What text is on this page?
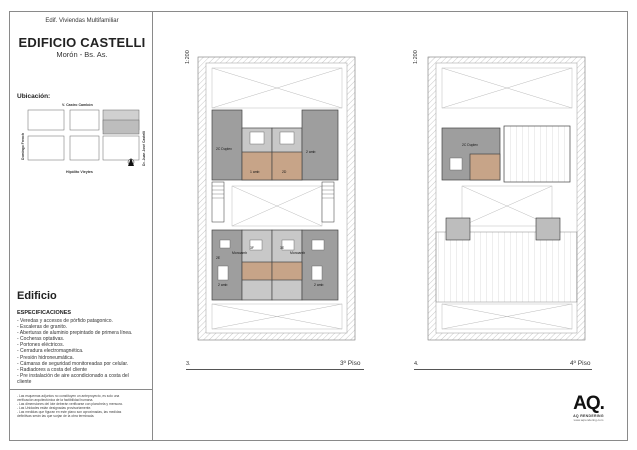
Edif. Viviendas Multifamiliar
EDIFICIO CASTELLI
Morón - Bs. As.
Ubicación:
V. Castro Cambón
Hipólito Vieytes
Domingo French	Dr. Juan José Castelli
Edificio
ESPECIFICACIONES
- Veredas y accesos de pórfido patagonico.
- Escaleras de granito.
- Aberturas de aluminio prepintado de primera línea.
- Cocheras optativas.
- Portones eléctricos.
- Cerradura electromagnética.
- Presión hidroneumática.
- Cámaras de seguridad monitoreadas por celular.
- Radiadores a costa del cliente
- Pre instalación de aire acondicionado a costa del
cliente
- Las esquemas adjuntos no constituyen un anteproyecto, es solo una
verificación arquitectónica de la factibilidad humana.
- Las dimensiones del lote deberán verificarse con planchela y mensura.
- Las Unidades están designadas provisoriamente.
- Las medidas que figuran en este plano son aproximadas, las medidas
definitivas serán las que surjan de la obra terminada.
AQ.
AQ RENDERING
www.aqrendering.com
2C Duplex
2 amb
1 amb	2D
Monoamb	Monoamb
2 amb	2 amb
3F	3E
2E
2C Duplex
3.	3º Piso	4.	4º Piso
1:200	1:200
